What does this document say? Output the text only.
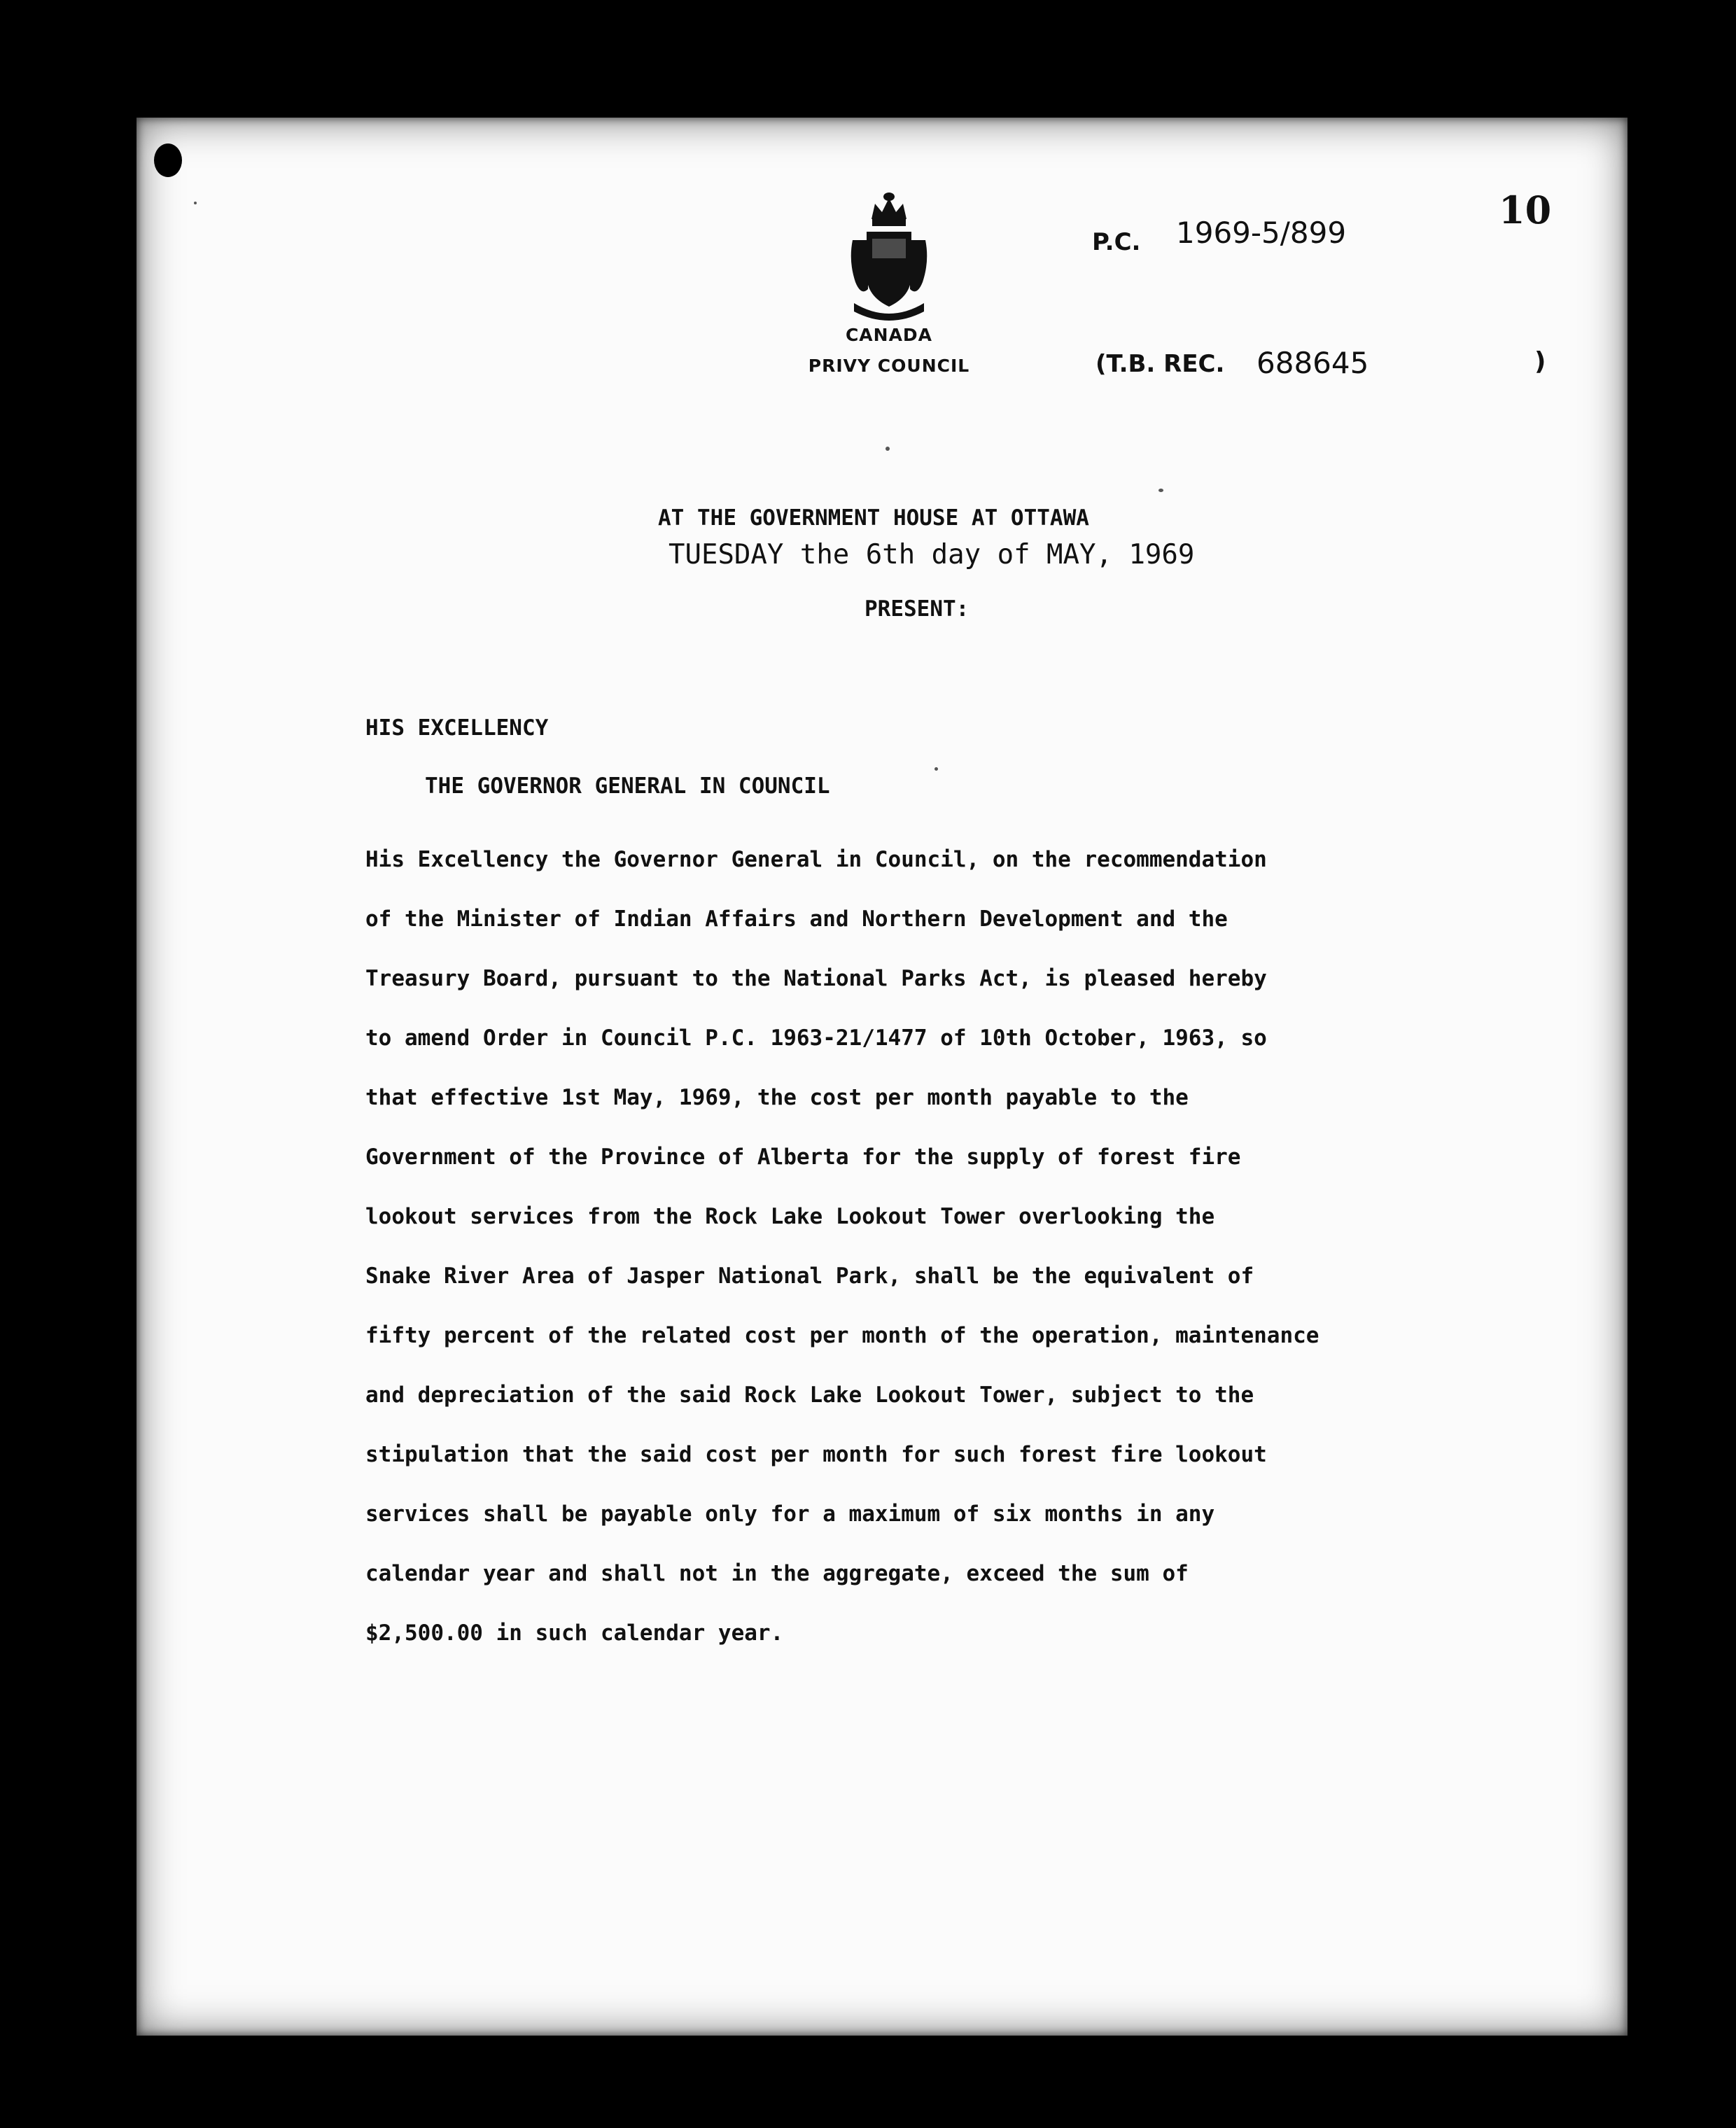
10
CANADA
PRIVY COUNCIL
P.C. 1969-5/899
(T.B. REC. 688645	)
AT THE GOVERNMENT HOUSE AT OTTAWA
TUESDAY the 6th day of MAY, 1969
PRESENT:
HIS EXCELLENCY
THE GOVERNOR GENERAL IN COUNCIL
His Excellency the Governor General in Council, on the recommendation
of the Minister of Indian Affairs and Northern Development and the
Treasury Board, pursuant to the National Parks Act, is pleased hereby
to amend Order in Council P.C. 1963-21/1477 of 10th October, 1963, so
that effective 1st May, 1969, the cost per month payable to the
Government of the Province of Alberta for the supply of forest fire
lookout services from the Rock Lake Lookout Tower overlooking the
Snake River Area of Jasper National Park, shall be the equivalent of
fifty percent of the related cost per month of the operation, maintenance
and depreciation of the said Rock Lake Lookout Tower, subject to the
stipulation that the said cost per month for such forest fire lookout
services shall be payable only for a maximum of six months in any
calendar year and shall not in the aggregate, exceed the sum of
$2,500.00 in such calendar year.
